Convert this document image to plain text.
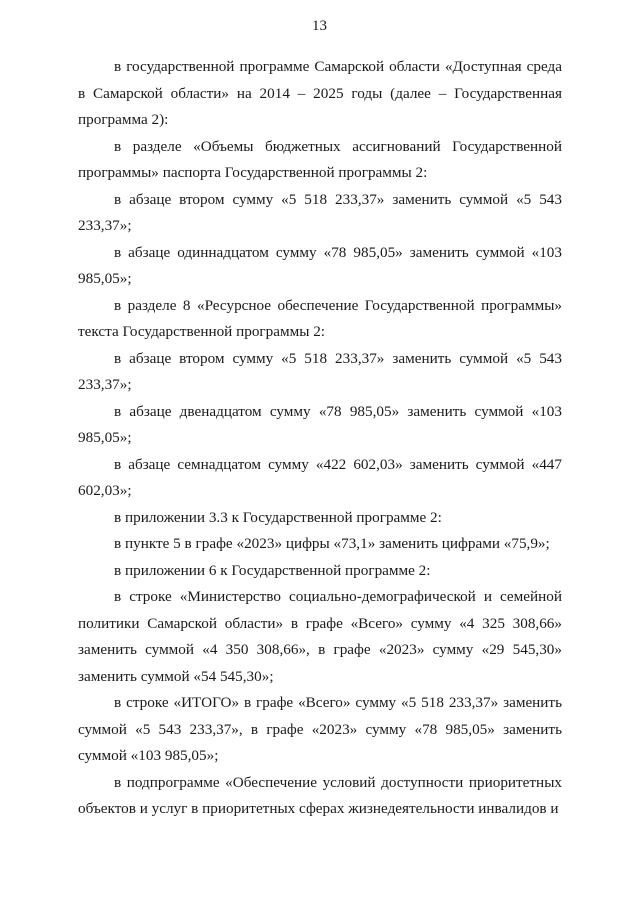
13

в государственной программе Самарской области «Доступная среда в Самарской области» на 2014 – 2025 годы (далее – Государственная программа 2):

в разделе «Объемы бюджетных ассигнований Государственной программы» паспорта Государственной программы 2:

в абзаце втором сумму «5 518 233,37» заменить суммой «5 543 233,37»;

в абзаце одиннадцатом сумму «78 985,05» заменить суммой «103 985,05»;

в разделе 8 «Ресурсное обеспечение Государственной программы» текста Государственной программы 2:

в абзаце втором сумму «5 518 233,37» заменить суммой «5 543 233,37»;

в абзаце двенадцатом сумму «78 985,05» заменить суммой «103 985,05»;

в абзаце семнадцатом сумму «422 602,03» заменить суммой «447 602,03»;

в приложении 3.3 к Государственной программе 2:

в пункте 5 в графе «2023» цифры «73,1» заменить цифрами «75,9»;

в приложении 6 к Государственной программе 2:

в строке «Министерство социально-демографической и семейной политики Самарской области» в графе «Всего» сумму «4 325 308,66» заменить суммой «4 350 308,66», в графе «2023» сумму «29 545,30» заменить суммой «54 545,30»;

в строке «ИТОГО» в графе «Всего» сумму «5 518 233,37» заменить суммой «5 543 233,37», в графе «2023» сумму «78 985,05» заменить суммой «103 985,05»;

в подпрограмме «Обеспечение условий доступности приоритетных объектов и услуг в приоритетных сферах жизнедеятельности инвалидов и
